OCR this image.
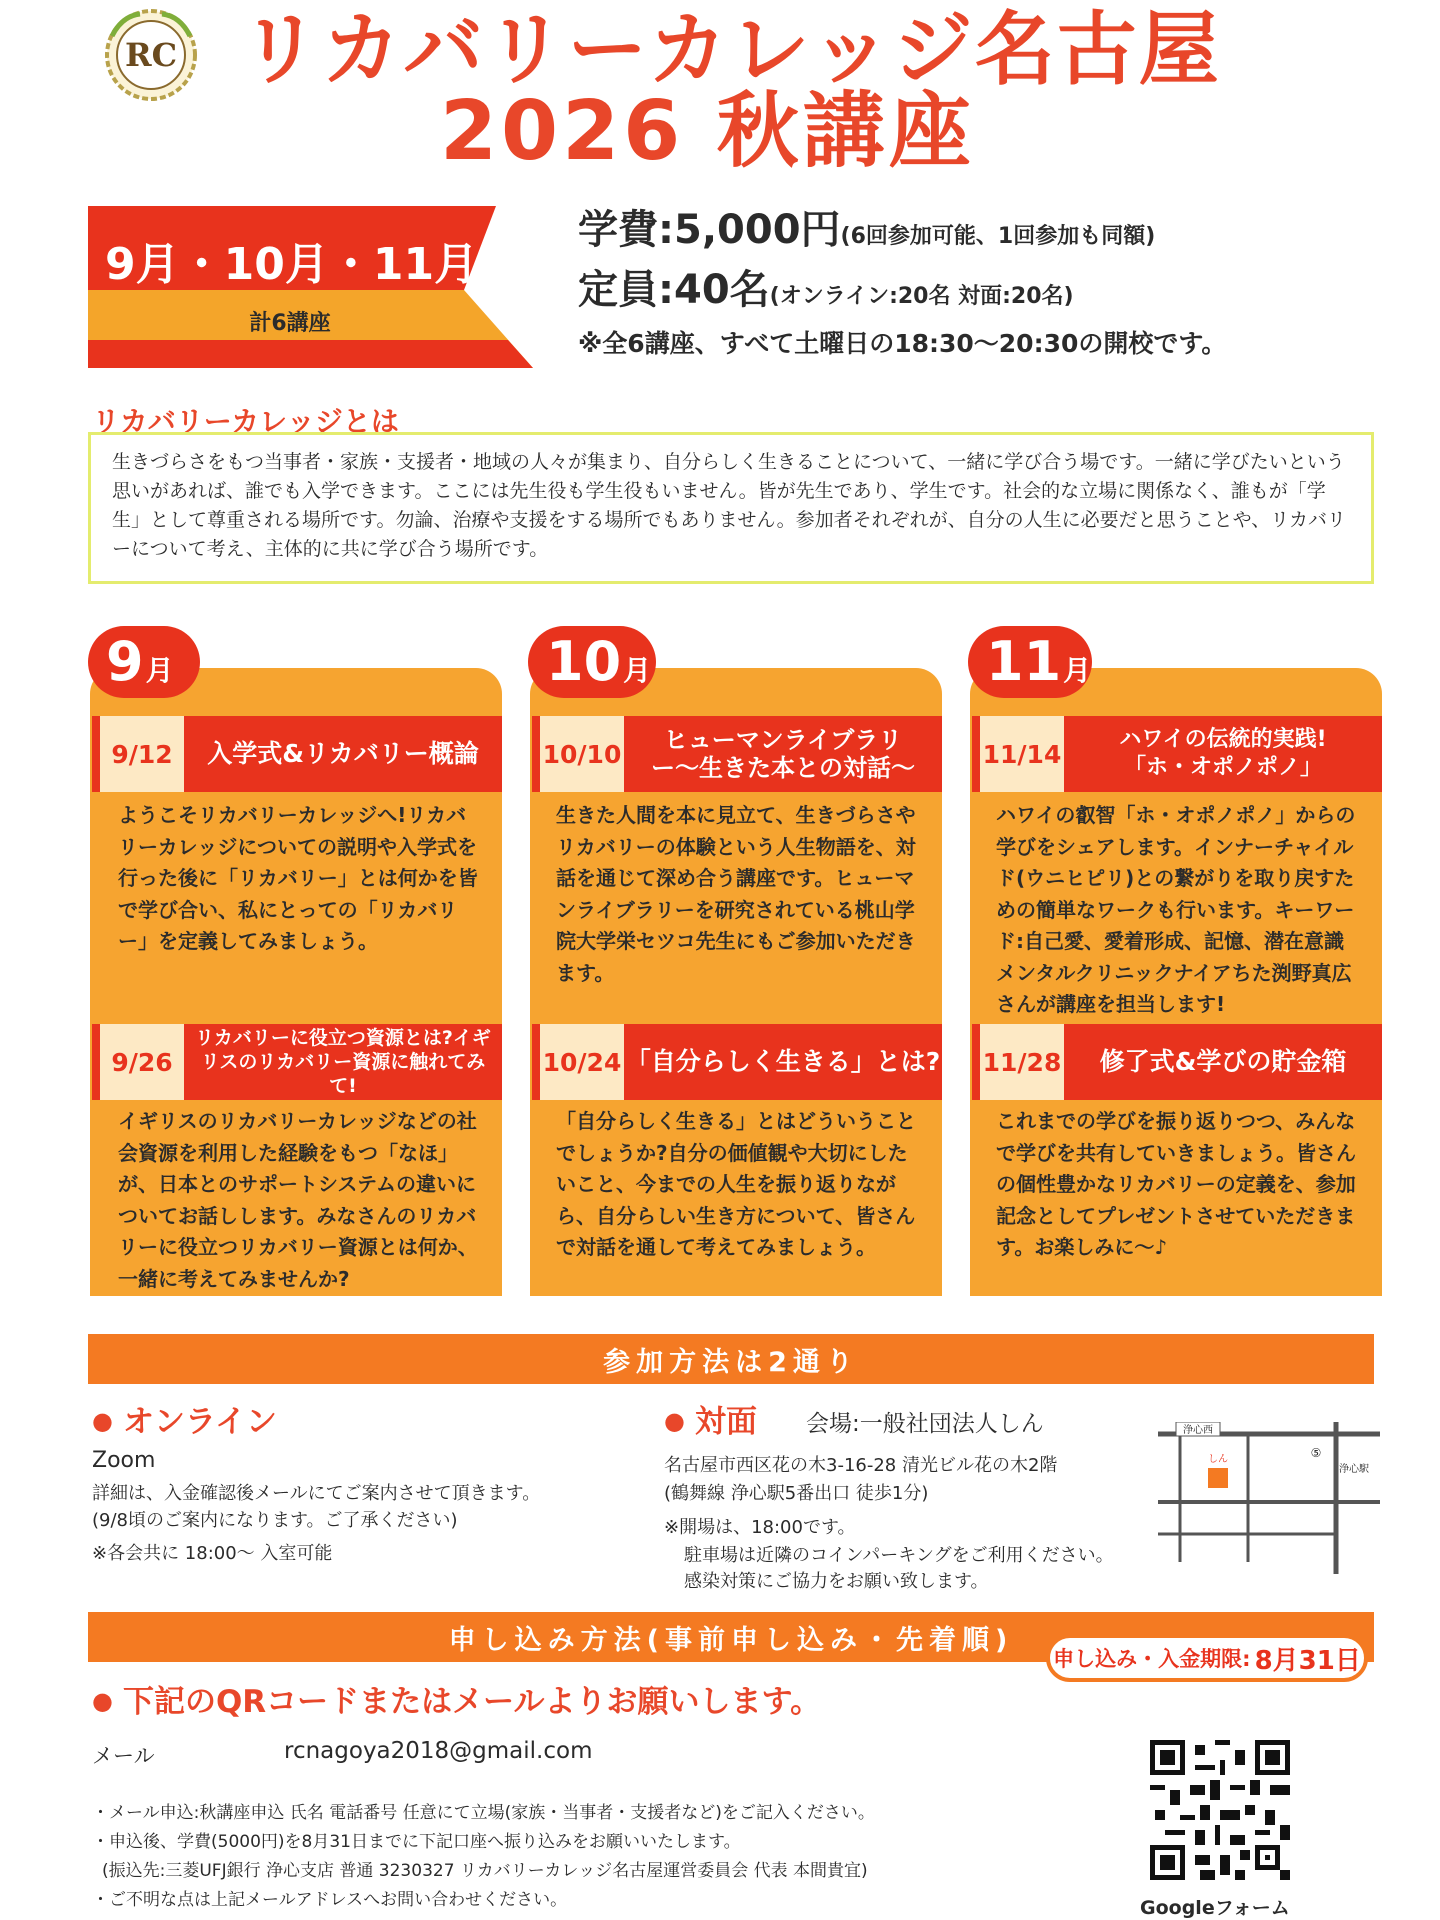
RC リカバリーカレッジ名古屋
2026 秋講座
9月・10月・11月
計6講座
学費:5,000円(6回参加可能、1回参加も同額)
定員:40名(オンライン:20名 対面:20名)
※全6講座、すべて土曜日の18:30〜20:30の開校です。
リカバリーカレッジとは
生きづらさをもつ当事者・家族・支援者・地域の人々が集まり、自分らしく生きることについて、一緒に学び合う場です。一緒に学びたいという思いがあれば、誰でも入学できます。ここには先生役も学生役もいません。皆が先生であり、学生です。社会的な立場に関係なく、誰もが「学生」として尊重される場所です。勿論、治療や支援をする場所でもありません。参加者それぞれが、自分の人生に必要だと思うことや、リカバリーについて考え、主体的に共に学び合う場所です。
9 月
9/12	入学式&リカバリー概論
ようこそリカバリーカレッジへ!リカバリーカレッジについての説明や入学式を行った後に「リカバリー」とは何かを皆で学び合い、私にとっての「リカバリー」を定義してみましょう。
9/26
リカバリーに役立つ資源とは?イギリスのリカバリー資源に触れてみて!
イギリスのリカバリーカレッジなどの社会資源を利用した経験をもつ「なほ」が、日本とのサポートシステムの違いについてお話しします。みなさんのリカバリーに役立つリカバリー資源とは何か、一緒に考えてみませんか?
10 月
10/10	ヒューマンライブラリー〜生きた本との対話〜
生きた人間を本に見立て、生きづらさやリカバリーの体験という人生物語を、対話を通じて深め合う講座です。ヒューマンライブラリーを研究されている桃山学院大学栄セツコ先生にもご参加いただきます。
10/24 「自分らしく生きる」とは?
「自分らしく生きる」とはどういうことでしょうか?自分の価値観や大切にしたいこと、今までの人生を振り返りながら、自分らしい生き方について、皆さんで対話を通して考えてみましょう。
11 月
11/14	ハワイの伝統的実践!「ホ・オポノポノ」
ハワイの叡智「ホ・オポノポノ」からの学びをシェアします。インナーチャイルド(ウニヒピリ)との繋がりを取り戻すための簡単なワークも行います。キーワード:自己愛、愛着形成、記憶、潜在意識 メンタルクリニックナイアちた渕野真広さんが講座を担当します!
11/28	修了式&学びの貯金箱
これまでの学びを振り返りつつ、みんなで学びを共有していきましょう。皆さんの個性豊かなリカバリーの定義を、参加記念としてプレゼントさせていただきます。お楽しみに〜♪
参加方法は2通り
● オンライン
Zoom
詳細は、入金確認後メールにてご案内させて頂きます。
(9/8頃のご案内になります。ご了承ください)
※各会共に 18:00〜 入室可能
● 対面 会場:一般社団法人しん
名古屋市西区花の木3-16-28 清光ビル花の木2階
(鶴舞線 浄心駅5番出口 徒歩1分)
※開場は、18:00です。
駐車場は近隣のコインパーキングをご利用ください。
感染対策にご協力をお願い致します。
浄心西
浄心駅
⑤
しん
申し込み方法(事前申し込み・先着順)
申し込み・入金期限: 8月31日
● 下記のQRコードまたはメールよりお願いします。
メール	rcnagoya2018@gmail.com
・メール申込:秋講座申込 氏名 電話番号 任意にて立場(家族・当事者・支援者など)をご記入ください。
・申込後、学費(5000円)を8月31日までに下記口座へ振り込みをお願いいたします。
(振込先:三菱UFJ銀行 浄心支店 普通 3230327 リカバリーカレッジ名古屋運営委員会 代表 本間貴宜)
・ご不明な点は上記メールアドレスへお問い合わせください。	Googleフォーム
